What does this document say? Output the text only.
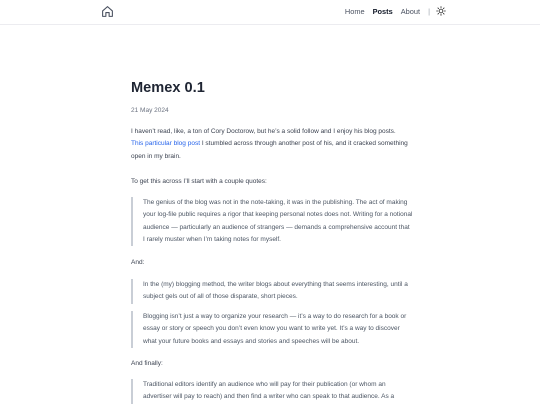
Home Posts About |
Memex 0.1
21 May 2024

I haven’t read, like, a ton of Cory Doctorow, but he’s a solid follow and I enjoy his blog posts.
This particular blog post I stumbled across through another post of his, and it cracked something open in my brain.

To get this across I’ll start with a couple quotes:

The genius of the blog was not in the note-taking, it was in the publishing. The act of making your log-file public requires a rigor that keeping personal notes does not. Writing for a notional audience — particularly an audience of strangers — demands a comprehensive account that I rarely muster when I’m taking notes for myself.

And:

In the (my) blogging method, the writer blogs about everything that seems interesting, until a subject gels out of all of those disparate, short pieces.
Blogging isn’t just a way to organize your research — it’s a way to do research for a book or essay or story or speech you don’t even know you want to write yet. It’s a way to discover what your future books and essays and stories and speeches will be about.

And finally:

Traditional editors identify an audience who will pay for their publication (or whom an advertiser will pay to reach) and then find a writer who can speak to that audience. As a
